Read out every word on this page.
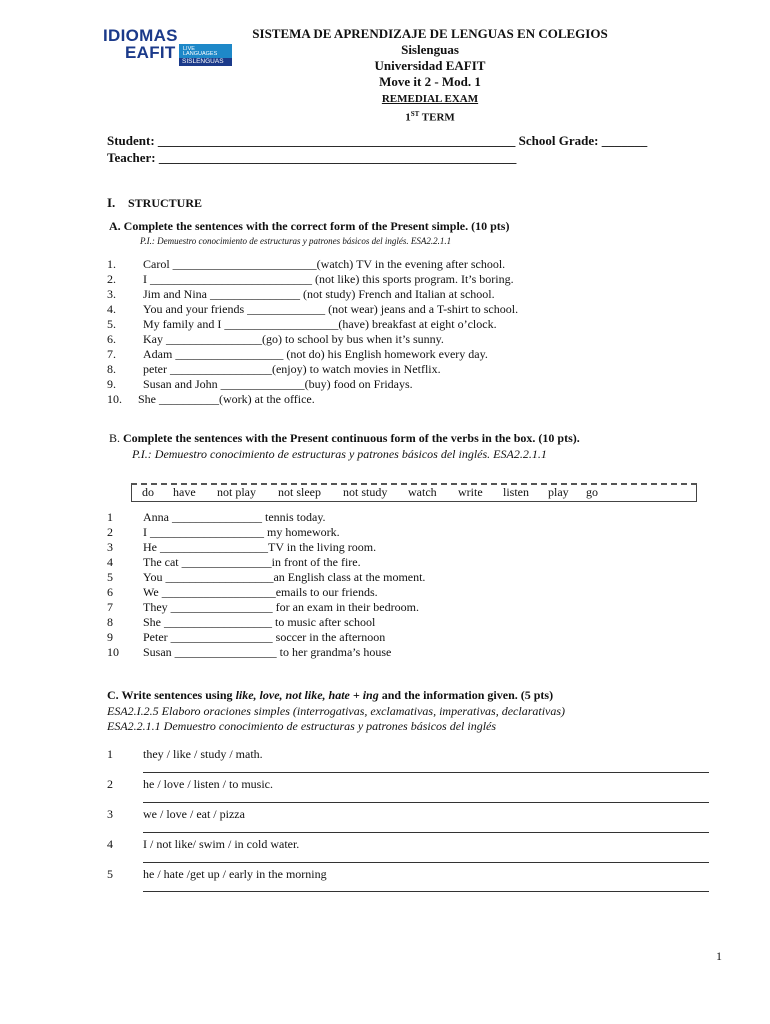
IDIOMAS
EAFIT LIVE
LANGUAGES
SISLENGUAS
SISTEMA DE APRENDIZAJE DE LENGUAS EN COLEGIOS
Sislenguas
Universidad EAFIT
Move it 2 - Mod. 1
REMEDIAL EXAM
1ST TERM
Student: _______________________________________________________ School Grade: _______
Teacher: _______________________________________________________
I. STRUCTURE
A. Complete the sentences with the correct form of the Present simple. (10 pts)
P.I.: Demuestro conocimiento de estructuras y patrones básicos del inglés. ESA2.2.1.1
1.	Carol ________________________(watch) TV in the evening after school.
2.	I ___________________________ (not like) this sports program. It’s boring.
3.	Jim and Nina _______________ (not study) French and Italian at school.
4.	You and your friends _____________ (not wear) jeans and a T-shirt to school.
5.	My family and I ___________________(have) breakfast at eight o’clock.
6.	Kay ________________(go) to school by bus when it’s sunny.
7.	Adam __________________ (not do) his English homework every day.
8.	peter _________________(enjoy) to watch movies in Netflix.
9.	Susan and John ______________(buy) food on Fridays.
10.	She __________(work) at the office.
B. Complete the sentences with the Present continuous form of the verbs in the box. (10 pts).
P.I.: Demuestro conocimiento de estructuras y patrones básicos del inglés. ESA2.2.1.1
do have not play not sleep not study watch write listen play go
1	Anna _______________ tennis today.
2	I ___________________ my homework.
3	He __________________TV in the living room.
4	The cat _______________in front of the fire.
5	You __________________an English class at the moment.
6	We ___________________emails to our friends.
7	They _________________ for an exam in their bedroom.
8	She __________________ to music after school
9	Peter _________________ soccer in the afternoon
10	Susan _________________ to her grandma’s house
C. Write sentences using like, love, not like, hate + ing and the information given. (5 pts)
ESA2.I.2.5 Elaboro oraciones simples (interrogativas, exclamativas, imperativas, declarativas)
ESA2.2.1.1 Demuestro conocimiento de estructuras y patrones básicos del inglés
1	they / like / study / math.
2	he / love / listen / to music.
3	we / love / eat / pizza
4	I / not like/ swim / in cold water.
5	he / hate /get up / early in the morning
1
